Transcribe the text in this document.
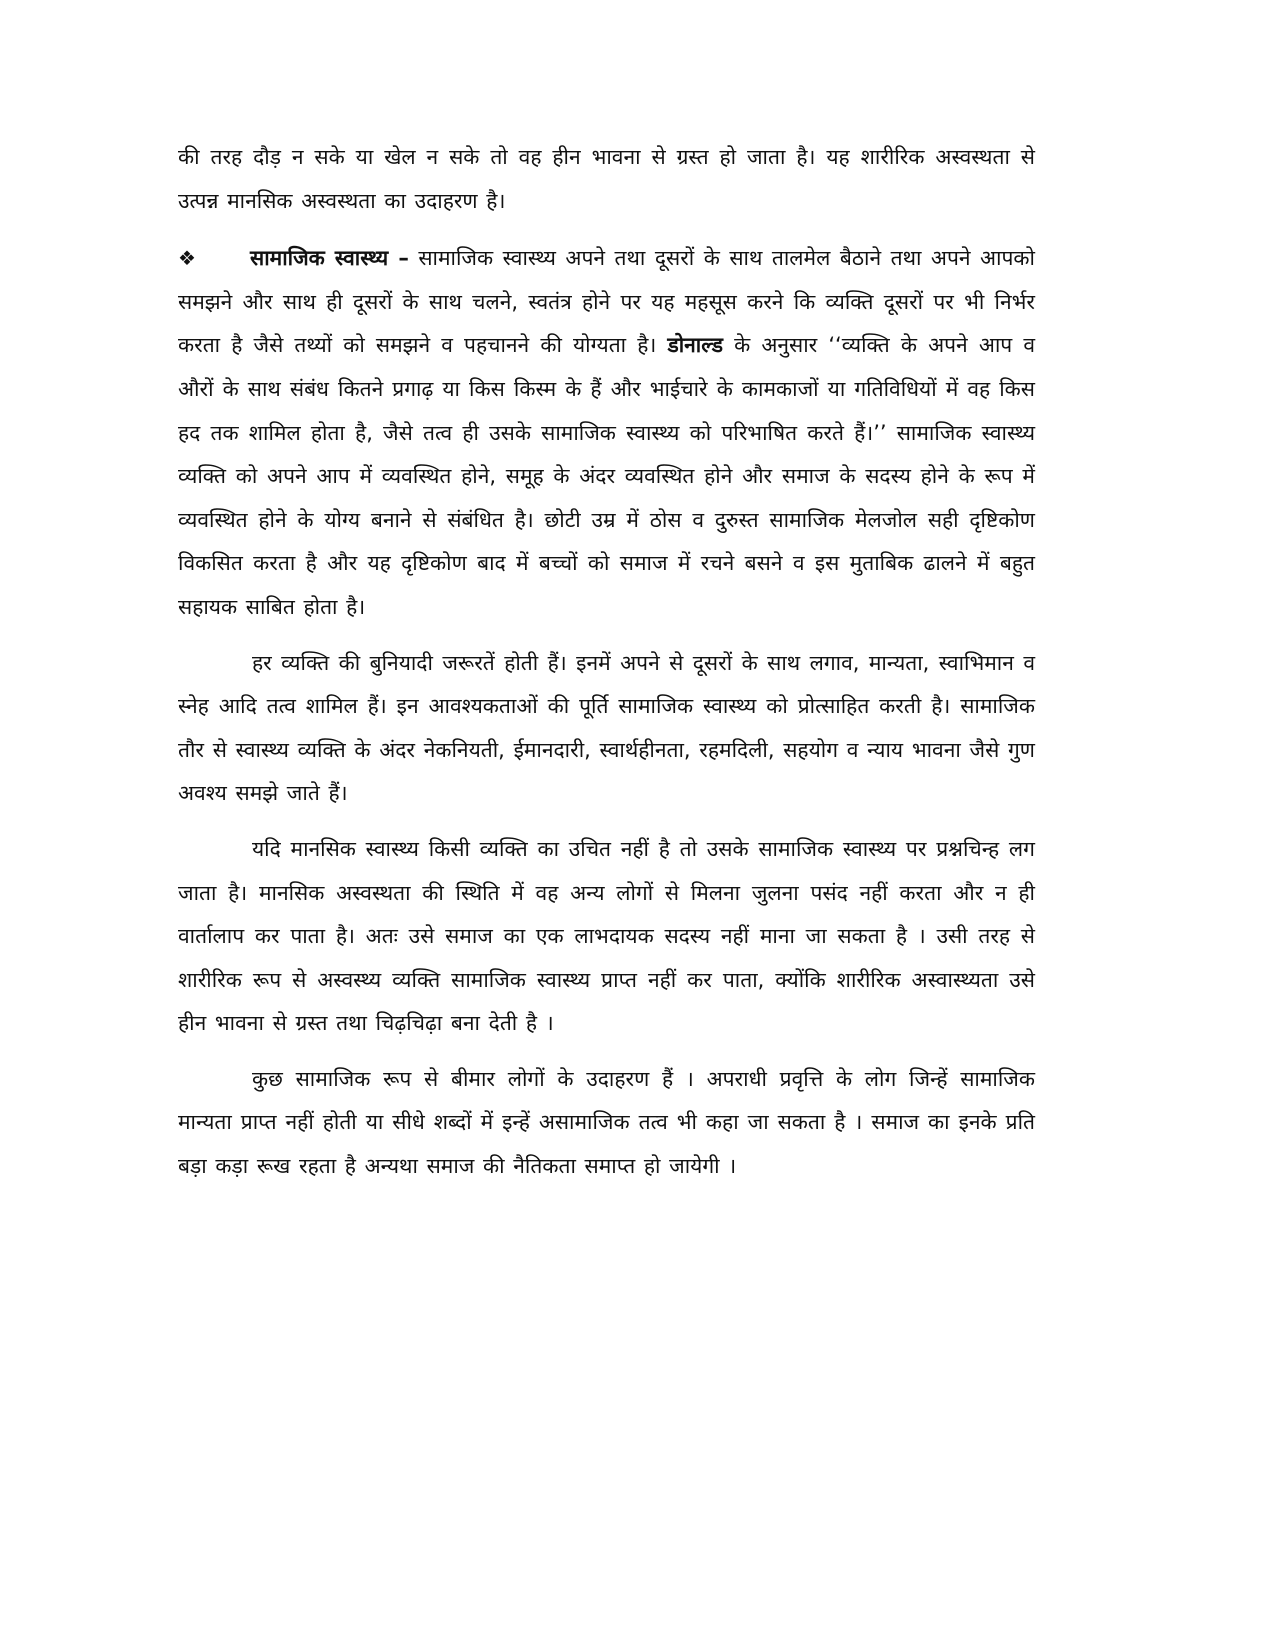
की तरह दौड़ न सके या खेल न सके तो वह हीन भावना से ग्रस्त हो जाता है। यह शारीरिक अस्वस्थता से उत्पन्न मानसिक अस्वस्थता का उदाहरण है।

❖	सामाजिक स्वास्थ्य – सामाजिक स्वास्थ्य अपने तथा दूसरों के साथ तालमेल बैठाने तथा अपने आपको समझने और साथ ही दूसरों के साथ चलने, स्वतंत्र होने पर यह महसूस करने कि व्यक्ति दूसरों पर भी निर्भर करता है जैसे तथ्यों को समझने व पहचानने की योग्यता है। डोनाल्ड के अनुसार ‘‘व्यक्ति के अपने आप व औरों के साथ संबंध कितने प्रगाढ़ या किस किस्म के हैं और भाईचारे के कामकाजों या गतिविधियों में वह किस हद तक शामिल होता है, जैसे तत्व ही उसके सामाजिक स्वास्थ्य को परिभाषित करते हैं।’’ सामाजिक स्वास्थ्य व्यक्ति को अपने आप में व्यवस्थित होने, समूह के अंदर व्यवस्थित होने और समाज के सदस्य होने के रूप में व्यवस्थित होने के योग्य बनाने से संबंधित है। छोटी उम्र में ठोस व दुरुस्त सामाजिक मेलजोल सही दृष्टिकोण विकसित करता है और यह दृष्टिकोण बाद में बच्चों को समाज में रचने बसने व इस मुताबिक ढालने में बहुत सहायक साबित होता है।

हर व्यक्ति की बुनियादी जरूरतें होती हैं। इनमें अपने से दूसरों के साथ लगाव, मान्यता, स्वाभिमान व स्नेह आदि तत्व शामिल हैं। इन आवश्यकताओं की पूर्ति सामाजिक स्वास्थ्य को प्रोत्साहित करती है। सामाजिक तौर से स्वास्थ्य व्यक्ति के अंदर नेकनियती, ईमानदारी, स्वार्थहीनता, रहमदिली, सहयोग व न्याय भावना जैसे गुण अवश्य समझे जाते हैं।

यदि मानसिक स्वास्थ्य किसी व्यक्ति का उचित नहीं है तो उसके सामाजिक स्वास्थ्य पर प्रश्नचिन्ह लग जाता है। मानसिक अस्वस्थता की स्थिति में वह अन्य लोगों से मिलना जुलना पसंद नहीं करता और न ही वार्तालाप कर पाता है। अतः उसे समाज का एक लाभदायक सदस्य नहीं माना जा सकता है । उसी तरह से शारीरिक रूप से अस्वस्थ्य व्यक्ति सामाजिक स्वास्थ्य प्राप्त नहीं कर पाता, क्योंकि शारीरिक अस्वास्थ्यता उसे हीन भावना से ग्रस्त तथा चिढ़चिढ़ा बना देती है ।

कुछ सामाजिक रूप से बीमार लोगों के उदाहरण हैं । अपराधी प्रवृत्ति के लोग जिन्हें सामाजिक मान्यता प्राप्त नहीं होती या सीधे शब्दों में इन्हें असामाजिक तत्व भी कहा जा सकता है । समाज का इनके प्रति बड़ा कड़ा रूख रहता है अन्यथा समाज की नैतिकता समाप्त हो जायेगी ।
